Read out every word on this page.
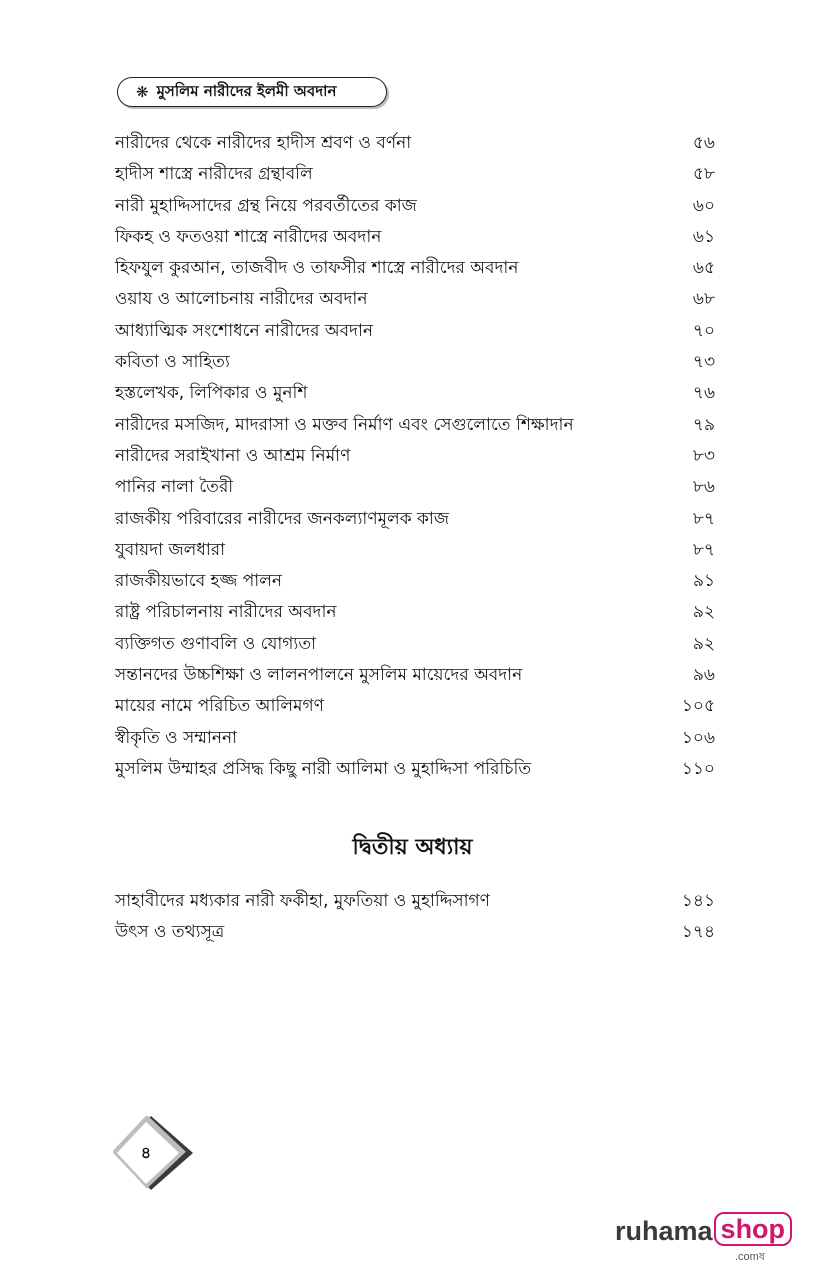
❋ মুসলিম নারীদের ইলমী অবদান
নারীদের থেকে নারীদের হাদীস শ্রবণ ও বর্ণনা	৫৬
হাদীস শাস্ত্রে নারীদের গ্রন্থাবলি	৫৮
নারী মুহাদ্দিসাদের গ্রন্থ নিয়ে পরবর্তীতের কাজ	৬০
ফিকহ ও ফতওয়া শাস্ত্রে নারীদের অবদান	৬১
হিফযুল কুরআন, তাজবীদ ও তাফসীর শাস্ত্রে নারীদের অবদান	৬৫
ওয়ায ও আলোচনায় নারীদের অবদান	৬৮
আধ্যাত্মিক সংশোধনে নারীদের অবদান	৭০
কবিতা ও সাহিত্য	৭৩
হস্তলেখক, লিপিকার ও মুনশি	৭৬
নারীদের মসজিদ, মাদরাসা ও মক্তব নির্মাণ এবং সেগুলোতে শিক্ষাদান	৭৯
নারীদের সরাইখানা ও আশ্রম নির্মাণ	৮৩
পানির নালা তৈরী	৮৬
রাজকীয় পরিবারের নারীদের জনকল্যাণমূলক কাজ	৮৭
যুবায়দা জলধারা	৮৭
রাজকীয়ভাবে হজ্জ পালন	৯১
রাষ্ট্র পরিচালনায় নারীদের অবদান	৯২
ব্যক্তিগত গুণাবলি ও যোগ্যতা	৯২
সন্তানদের উচ্চশিক্ষা ও লালনপালনে মুসলিম মায়েদের অবদান	৯৬
মায়ের নামে পরিচিত আলিমগণ	১০৫
স্বীকৃতি ও সম্মাননা	১০৬
মুসলিম উম্মাহর প্রসিদ্ধ কিছু নারী আলিমা ও মুহাদ্দিসা পরিচিতি	১১০
দ্বিতীয় অধ্যায়
সাহাবীদের মধ্যকার নারী ফকীহা, মুফতিয়া ও মুহাদ্দিসাগণ	১৪১
উৎস ও তথ্যসূত্র	১৭৪
৪
ruhama shop
.comষ
